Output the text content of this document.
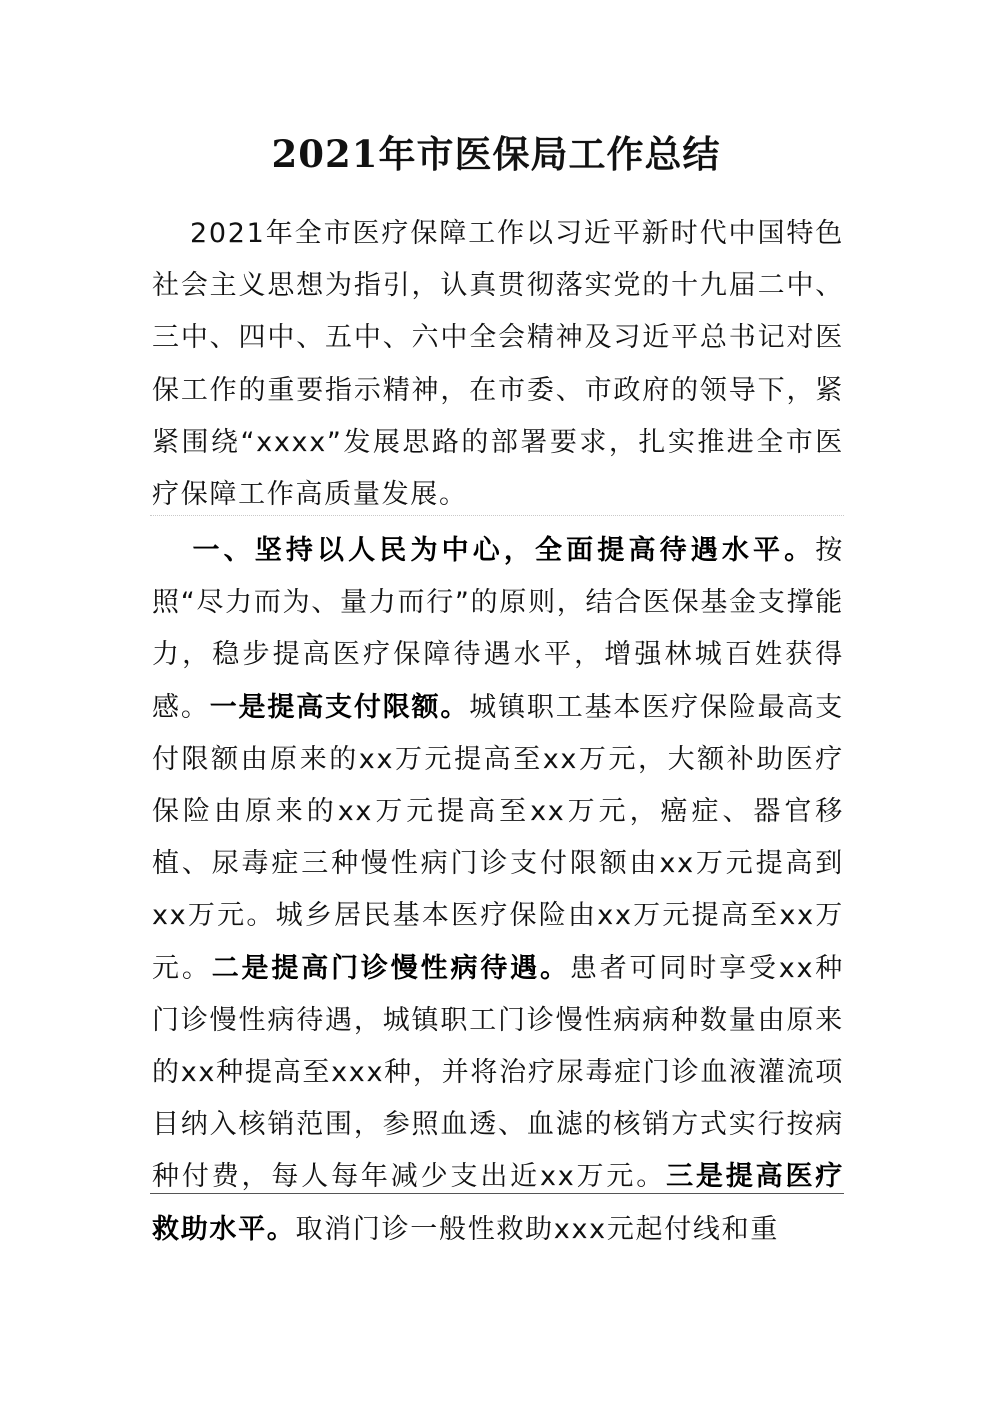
2021年市医保局工作总结

2021年全市医疗保障工作以习近平新时代中国特色社会主义思想为指引，认真贯彻落实党的十九届二中、三中、四中、五中、六中全会精神及习近平总书记对医保工作的重要指示精神，在市委、市政府的领导下，紧紧围绕“xxxx”发展思路的部署要求，扎实推进全市医疗保障工作高质量发展。

一、坚持以人民为中心，全面提高待遇水平。按照“尽力而为、量力而行”的原则，结合医保基金支撑能力，稳步提高医疗保障待遇水平，增强林城百姓获得感。一是提高支付限额。城镇职工基本医疗保险最高支付限额由原来的xx万元提高至xx万元，大额补助医疗保险由原来的xx万元提高至xx万元，癌症、器官移植、尿毒症三种慢性病门诊支付限额由xx万元提高到xx万元。城乡居民基本医疗保险由xx万元提高至xx万元。二是提高门诊慢性病待遇。患者可同时享受xx种门诊慢性病待遇，城镇职工门诊慢性病病种数量由原来的xx种提高至xxx种，并将治疗尿毒症门诊血液灌流项目纳入核销范围，参照血透、血滤的核销方式实行按病种付费，每人每年减少支出近xx万元。三是提高医疗救助水平。取消门诊一般性救助xxx元起付线和重
